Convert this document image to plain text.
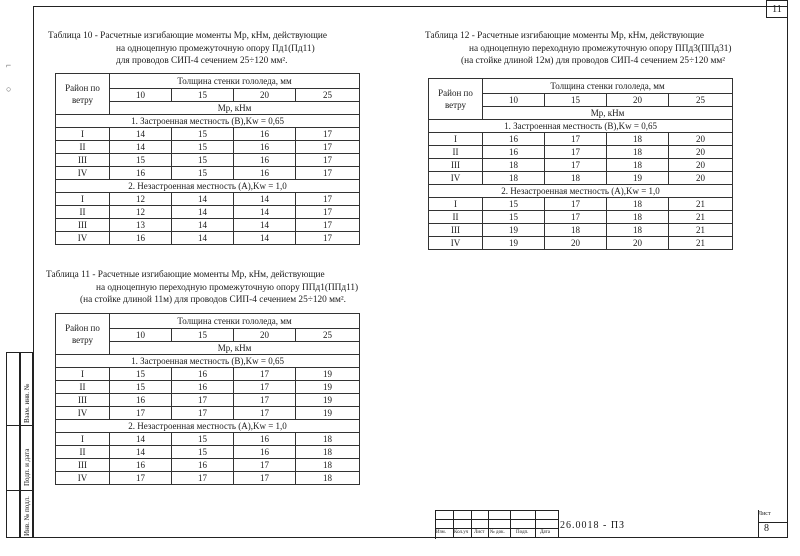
11
⌐
○
Взам. инв. №
Подп. и дата
Инв. № подл.
Таблица 10 - Расчетные изгибающие моменты Мр, кНм, действующие
на одноцепную промежуточную опору Пд1(Пд11)
для проводов СИП-4 сечением 25÷120 мм².
Район по ветру	Толщина стенки гололеда, мм			
	10	15	20	25
	Мр, кНм			
1. Застроенная местность (В),Kw = 0,65				
I	14	15	16	17
II	14	15	16	17
III	15	15	16	17
IV	16	15	16	17
2. Незастроенная местность (А),Kw = 1,0				
I	12	14	14	17
II	12	14	14	17
III	13	14	14	17
IV	16	14	14	17
Таблица 11 - Расчетные изгибающие моменты Мр, кНм, действующие
на одноцепную переходную промежуточную опору ППд1(ППд11)
(на стойке длиной 11м) для проводов СИП-4 сечением 25÷120 мм².
Район по ветру	Толщина стенки гололеда, мм			
	10	15	20	25
	Мр, кНм			
1. Застроенная местность (В),Kw = 0,65				
I	15	16	17	19
II	15	16	17	19
III	16	17	17	19
IV	17	17	17	19
2. Незастроенная местность (А),Kw = 1,0				
I	14	15	16	18
II	14	15	16	18
III	16	16	17	18
IV	17	17	17	18
Таблица 12 - Расчетные изгибающие моменты Мр, кНм, действующие
на одноцепную переходную промежуточную опору ППд3(ППд31)
(на стойке длиной 12м) для проводов СИП-4 сечением 25÷120 мм²
Район по ветру	Толщина стенки гололеда, мм			
	10	15	20	25
	Мр, кНм			
1. Застроенная местность (В),Kw = 0,65				
I	16	17	18	20
II	16	17	18	20
III	18	17	18	20
IV	18	18	19	20
2. Незастроенная местность (А),Kw = 1,0				
I	15	17	18	21
II	15	17	18	21
III	19	18	18	21
IV	19	20	20	21
Изм. Кол.уч Лист № док. Подп. Дата
26.0018 - ПЗ
Лист
8
